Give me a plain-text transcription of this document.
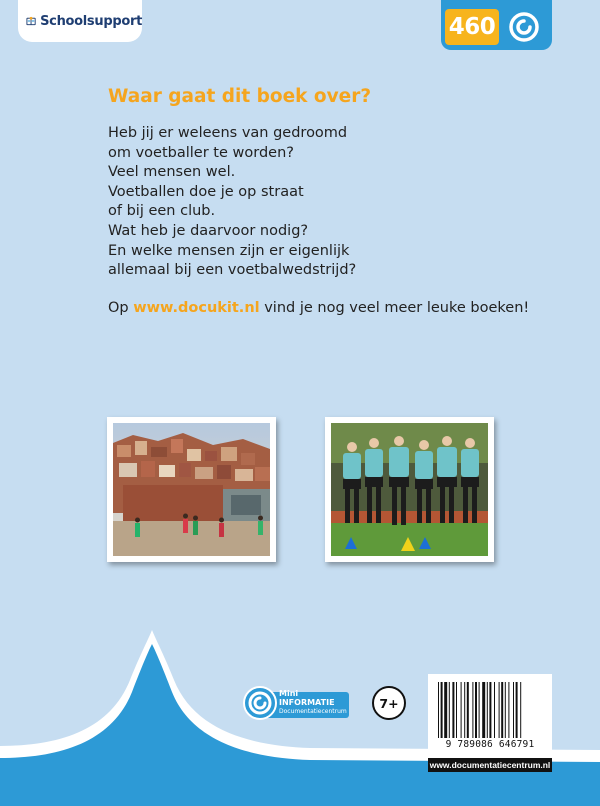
Schoolsupport	460
Waar gaat dit boek over?
Heb jij er weleens van gedroomd
om voetballer te worden?
Veel mensen wel.
Voetballen doe je op straat
of bij een club.
Wat heb je daarvoor nodig?
En welke mensen zijn er eigenlijk
allemaal bij een voetbalwedstrijd?
Op www.docukit.nl vind je nog veel meer leuke boeken!
Mini
INFORMATIE
Documentatiecentrum
7+
9 789086 646791
www.documentatiecentrum.nl
